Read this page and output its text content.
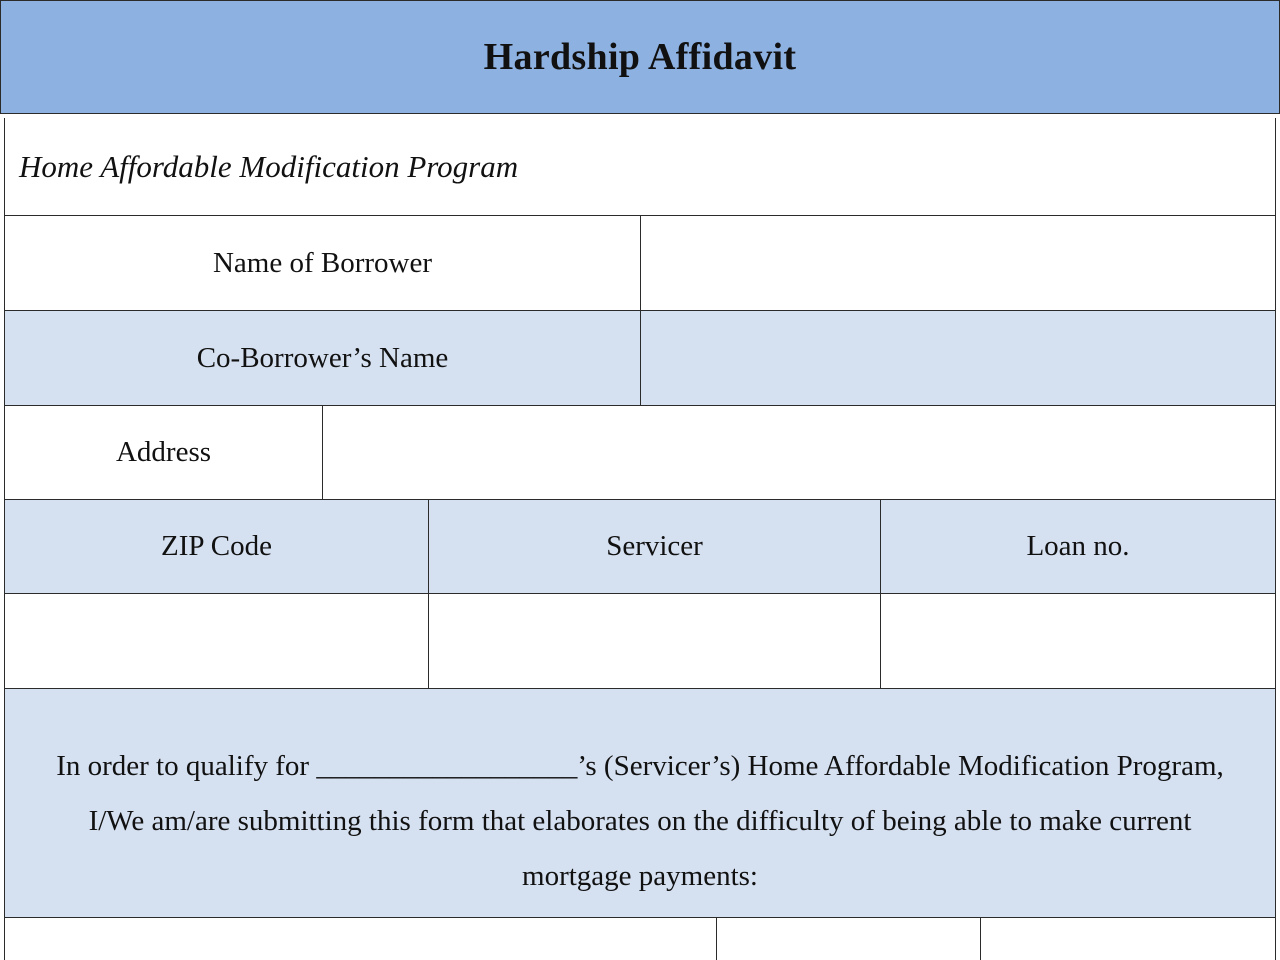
Hardship Affidavit
Home Affordable Modification Program
Name of Borrower
Co-Borrower’s Name
Address
ZIP Code	Servicer	Loan no.

In order to qualify for __________________’s (Servicer’s) Home Affordable Modification Program, I/We am/are submitting this form that elaborates on the difficulty of being able to make current mortgage payments:
